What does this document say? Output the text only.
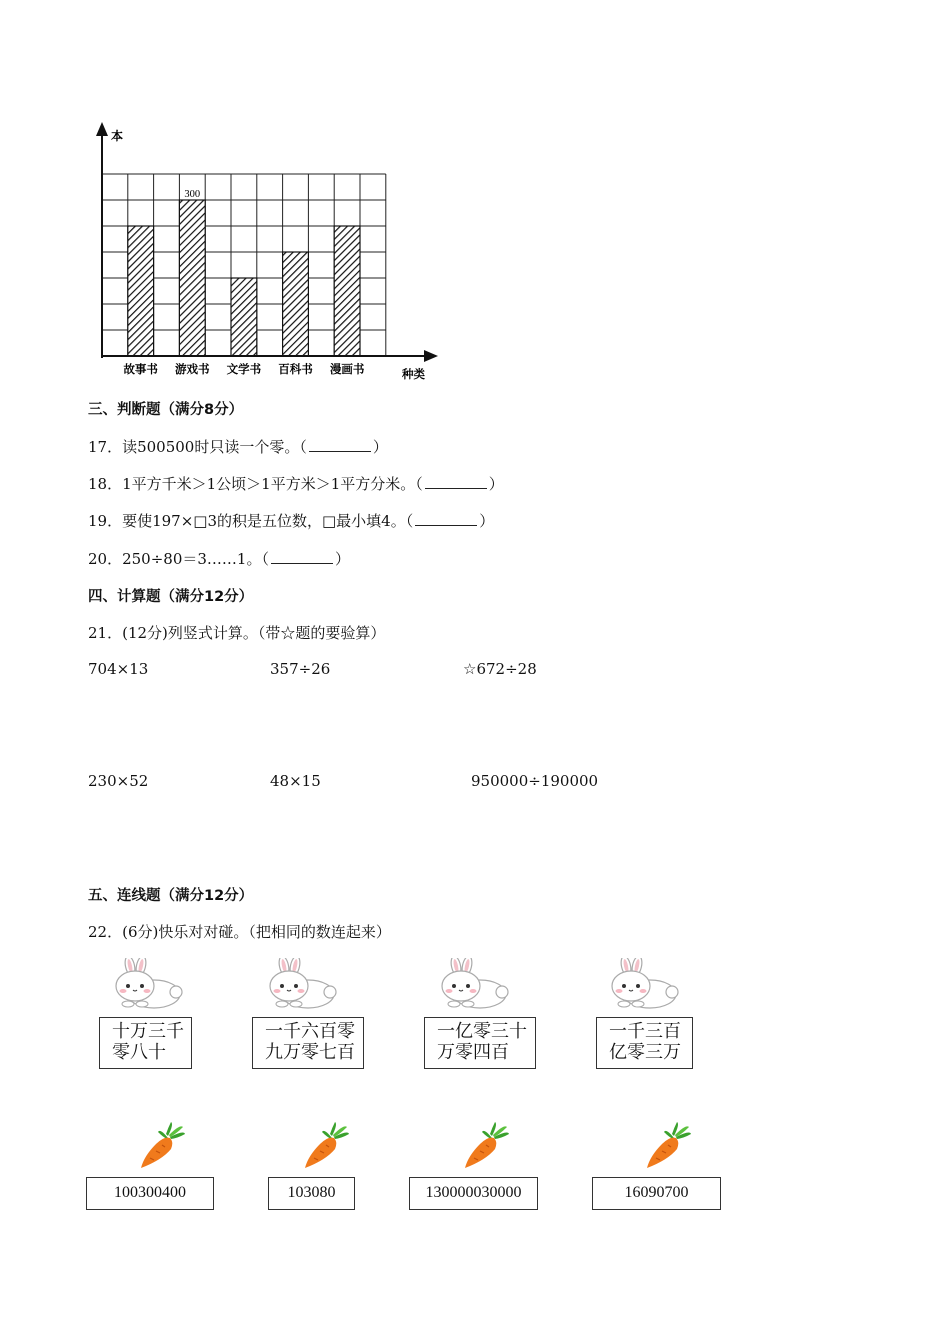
本
种类
故事书 游戏书
300
文学书 百科书 漫画书
三、判断题（满分8分）
17．读500500时只读一个零。（	）
18．1平方千米＞1公顷＞1平方米＞1平方分米。（	）
19．要使197×□3的积是五位数，□最小填4。（	）
20．250÷80＝3……1。（	）
四、计算题（满分12分）
21．(12分)列竖式计算。（带☆题的要验算）
704×13	357÷26	☆672÷28
230×52	48×15	950000÷190000
五、连线题（满分12分）
22．(6分)快乐对对碰。（把相同的数连起来）
十万三千
零八十
一千六百零
九万零七百
一亿零三十
万零四百
一千三百
亿零三万
100300400	103080	130000030000	16090700
